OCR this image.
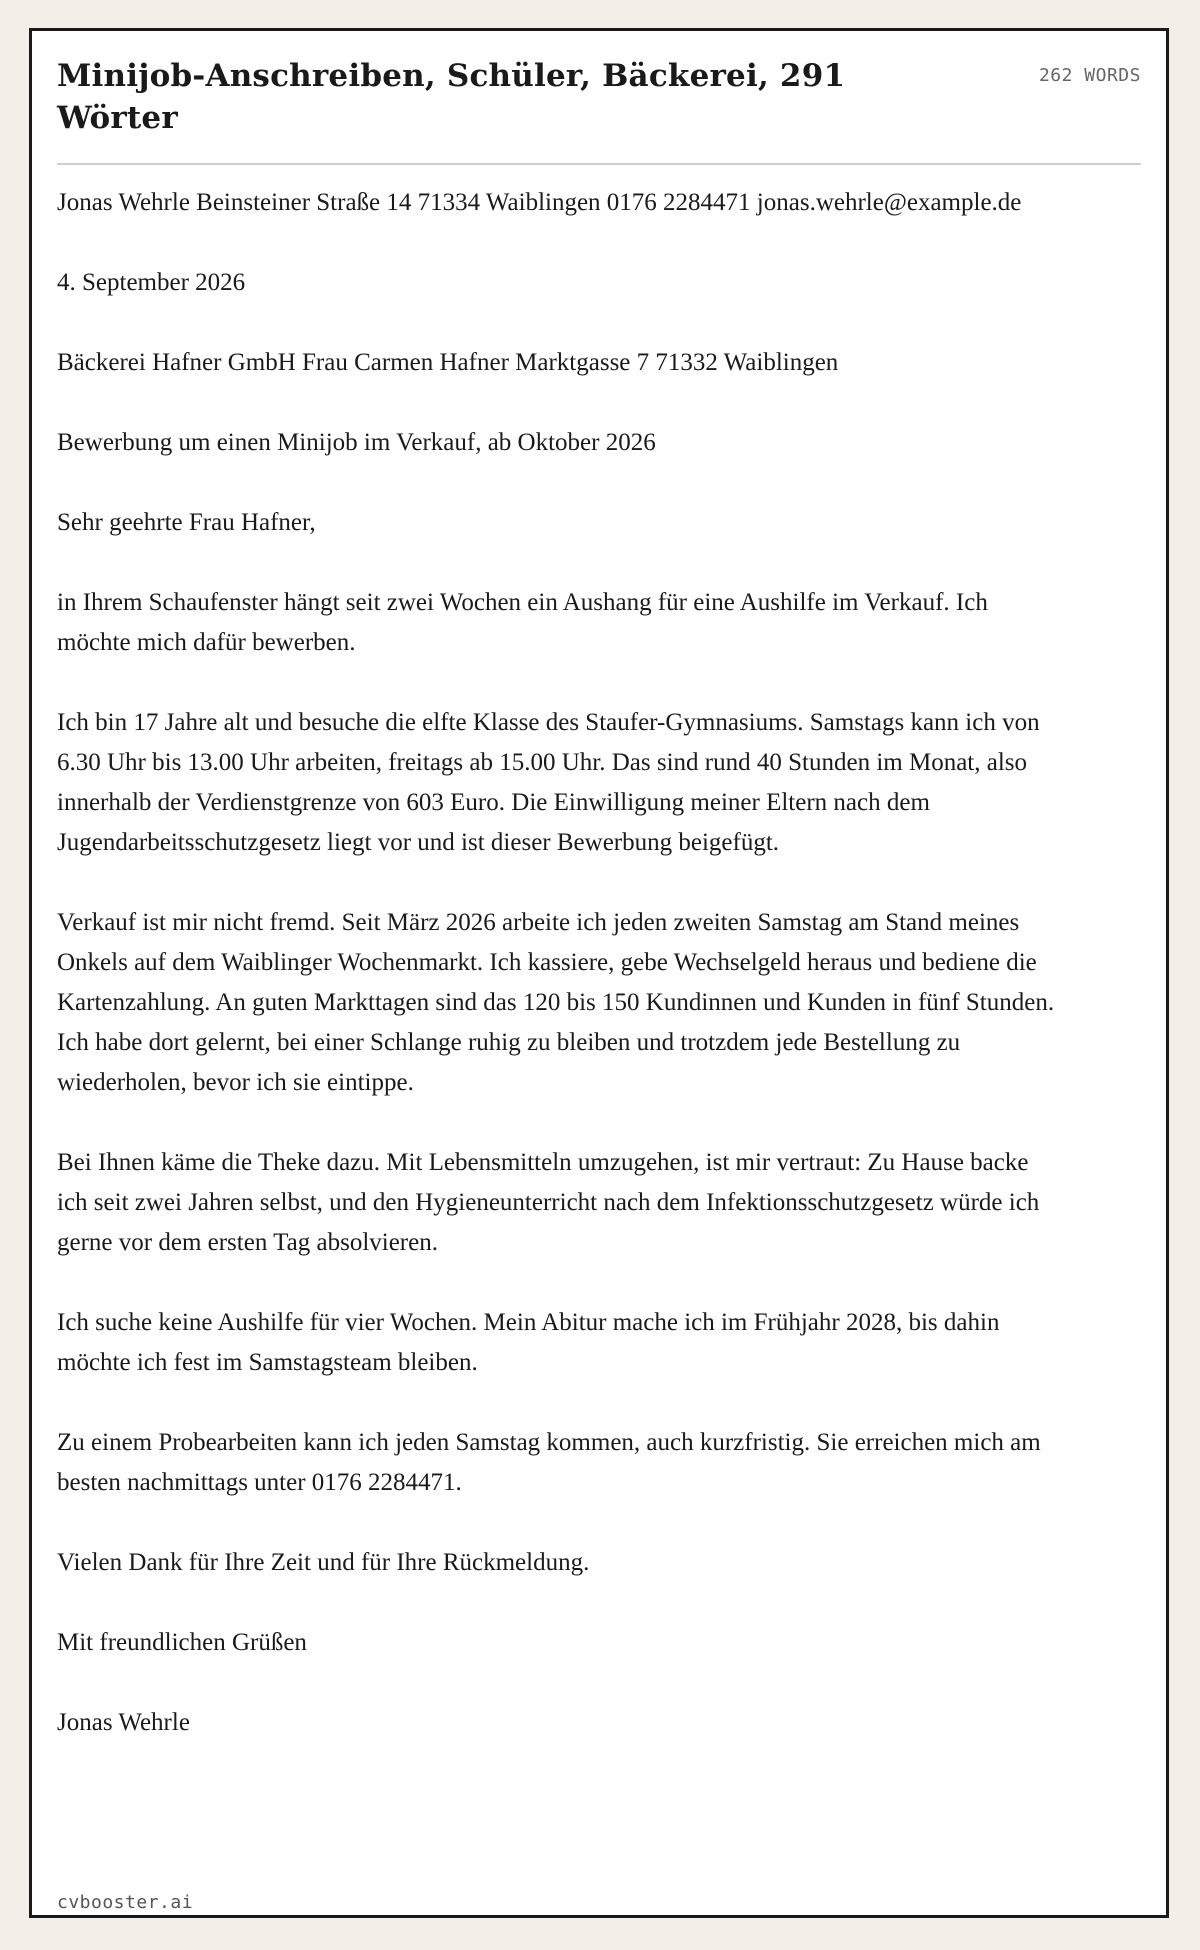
Minijob-Anschreiben, Schüler, Bäckerei, 291 Wörter
262 WORDS

Jonas Wehrle Beinsteiner Straße 14 71334 Waiblingen 0176 2284471 jonas.wehrle@example.de

4. September 2026

Bäckerei Hafner GmbH Frau Carmen Hafner Marktgasse 7 71332 Waiblingen

Bewerbung um einen Minijob im Verkauf, ab Oktober 2026

Sehr geehrte Frau Hafner,

in Ihrem Schaufenster hängt seit zwei Wochen ein Aushang für eine Aushilfe im Verkauf. Ich möchte mich dafür bewerben.

Ich bin 17 Jahre alt und besuche die elfte Klasse des Staufer-Gymnasiums. Samstags kann ich von 6.30 Uhr bis 13.00 Uhr arbeiten, freitags ab 15.00 Uhr. Das sind rund 40 Stunden im Monat, also innerhalb der Verdienstgrenze von 603 Euro. Die Einwilligung meiner Eltern nach dem Jugendarbeitsschutzgesetz liegt vor und ist dieser Bewerbung beigefügt.

Verkauf ist mir nicht fremd. Seit März 2026 arbeite ich jeden zweiten Samstag am Stand meines Onkels auf dem Waiblinger Wochenmarkt. Ich kassiere, gebe Wechselgeld heraus und bediene die Kartenzahlung. An guten Markttagen sind das 120 bis 150 Kundinnen und Kunden in fünf Stunden. Ich habe dort gelernt, bei einer Schlange ruhig zu bleiben und trotzdem jede Bestellung zu wiederholen, bevor ich sie eintippe.

Bei Ihnen käme die Theke dazu. Mit Lebensmitteln umzugehen, ist mir vertraut: Zu Hause backe ich seit zwei Jahren selbst, und den Hygieneunterricht nach dem Infektionsschutzgesetz würde ich gerne vor dem ersten Tag absolvieren.

Ich suche keine Aushilfe für vier Wochen. Mein Abitur mache ich im Frühjahr 2028, bis dahin möchte ich fest im Samstagsteam bleiben.

Zu einem Probearbeiten kann ich jeden Samstag kommen, auch kurzfristig. Sie erreichen mich am besten nachmittags unter 0176 2284471.

Vielen Dank für Ihre Zeit und für Ihre Rückmeldung.

Mit freundlichen Grüßen

Jonas Wehrle

cvbooster.ai
